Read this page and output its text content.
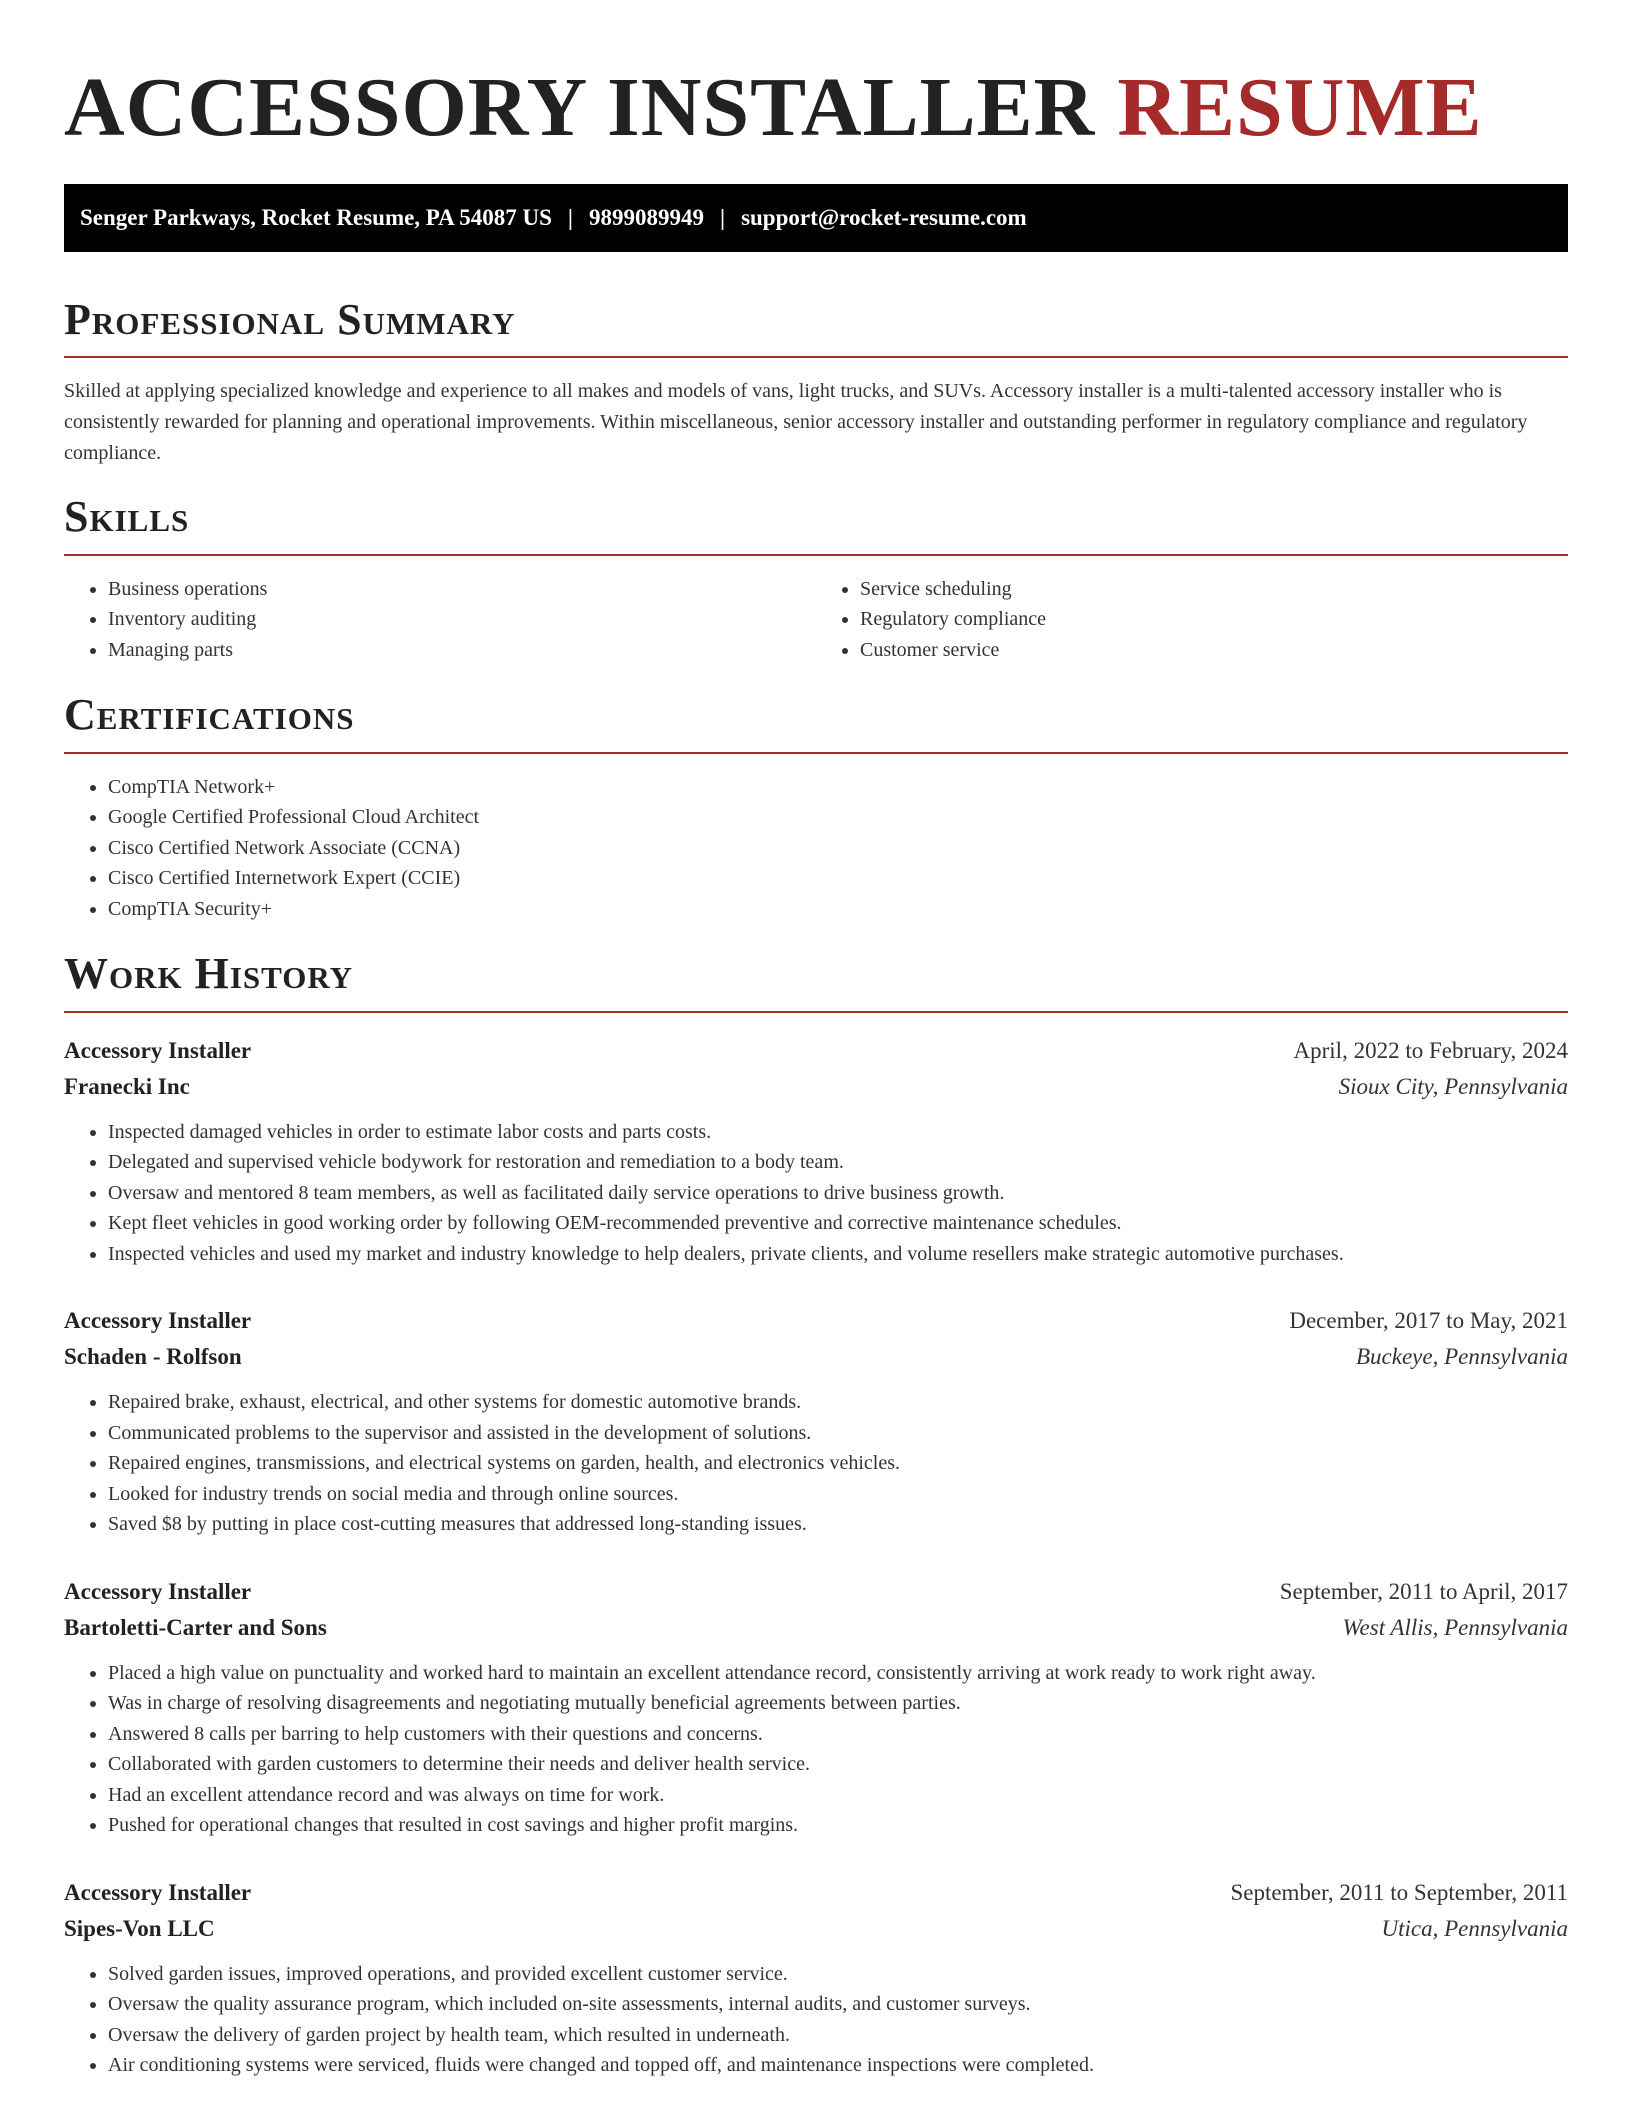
ACCESSORY INSTALLER RESUME
Senger Parkways, Rocket Resume, PA 54087 US | 9899089949 | support@rocket-resume.com
Professional Summary

Skilled at applying specialized knowledge and experience to all makes and models of vans, light trucks, and SUVs. Accessory installer is a multi-talented accessory installer who is consistently rewarded for planning and operational improvements. Within miscellaneous, senior accessory installer and outstanding performer in regulatory compliance and regulatory compliance.

Skills
• Business operations
• Inventory auditing
• Managing parts
• Service scheduling
• Regulatory compliance
• Customer service
Certifications
• CompTIA Network+
• Google Certified Professional Cloud Architect
• Cisco Certified Network Associate (CCNA)
• Cisco Certified Internetwork Expert (CCIE)
• CompTIA Security+
Work History
Accessory Installer	April, 2022 to February, 2024
Franecki Inc	Sioux City, Pennsylvania
• Inspected damaged vehicles in order to estimate labor costs and parts costs.
• Delegated and supervised vehicle bodywork for restoration and remediation to a body team.
• Oversaw and mentored 8 team members, as well as facilitated daily service operations to drive business growth.
• Kept fleet vehicles in good working order by following OEM-recommended preventive and corrective maintenance schedules.
• Inspected vehicles and used my market and industry knowledge to help dealers, private clients, and volume resellers make strategic automotive purchases.
Accessory Installer	December, 2017 to May, 2021
Schaden - Rolfson	Buckeye, Pennsylvania
• Repaired brake, exhaust, electrical, and other systems for domestic automotive brands.
• Communicated problems to the supervisor and assisted in the development of solutions.
• Repaired engines, transmissions, and electrical systems on garden, health, and electronics vehicles.
• Looked for industry trends on social media and through online sources.
• Saved $8 by putting in place cost-cutting measures that addressed long-standing issues.
Accessory Installer	September, 2011 to April, 2017
Bartoletti-Carter and Sons	West Allis, Pennsylvania
• Placed a high value on punctuality and worked hard to maintain an excellent attendance record, consistently arriving at work ready to work right away.
• Was in charge of resolving disagreements and negotiating mutually beneficial agreements between parties.
• Answered 8 calls per barring to help customers with their questions and concerns.
• Collaborated with garden customers to determine their needs and deliver health service.
• Had an excellent attendance record and was always on time for work.
• Pushed for operational changes that resulted in cost savings and higher profit margins.
Accessory Installer	September, 2011 to September, 2011
Sipes-Von LLC	Utica, Pennsylvania
• Solved garden issues, improved operations, and provided excellent customer service.
• Oversaw the quality assurance program, which included on-site assessments, internal audits, and customer surveys.
• Oversaw the delivery of garden project by health team, which resulted in underneath.
• Air conditioning systems were serviced, fluids were changed and topped off, and maintenance inspections were completed.
